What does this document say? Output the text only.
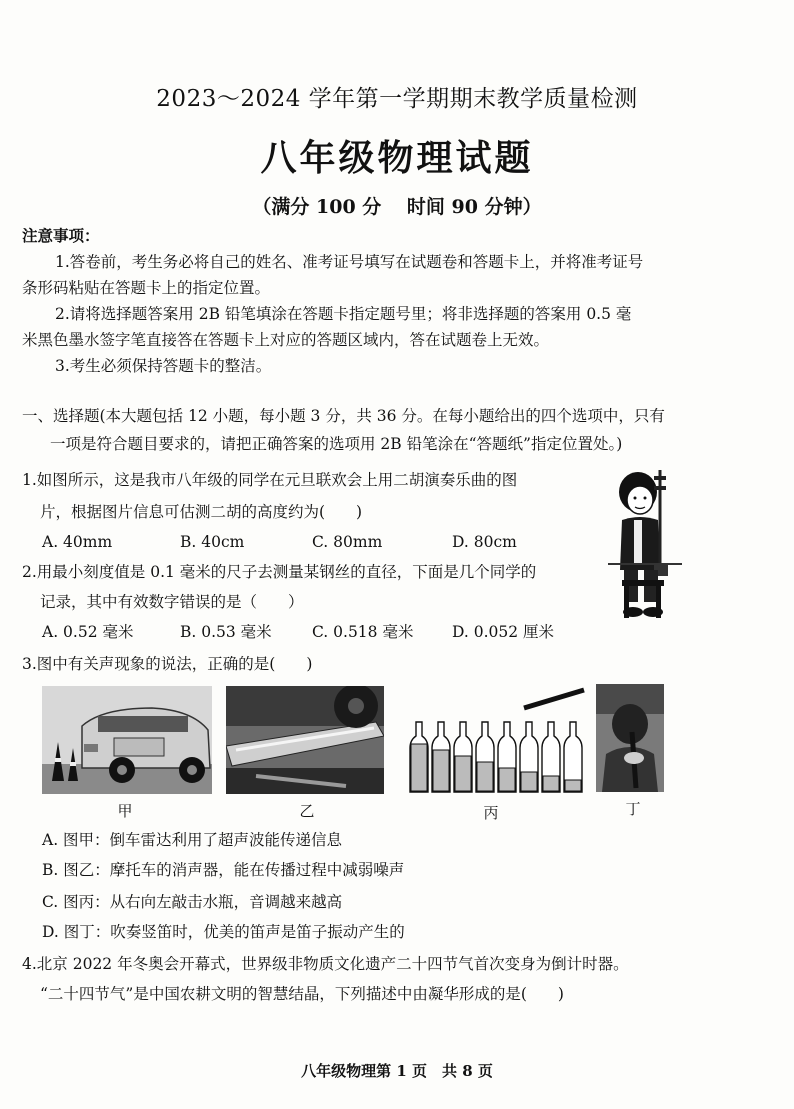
2023～2024 学年第一学期期末教学质量检测
八年级物理试题
（满分 100 分　 时间 90 分钟）
注意事项：
1.答卷前，考生务必将自己的姓名、准考证号填写在试题卷和答题卡上，并将准考证号
条形码粘贴在答题卡上的指定位置。
2.请将选择题答案用 2B 铅笔填涂在答题卡指定题号里；将非选择题的答案用 0.5 毫
米黑色墨水签字笔直接答在答题卡上对应的答题区域内，答在试题卷上无效。
3.考生必须保持答题卡的整洁。
一、选择题(本大题包括 12 小题，每小题 3 分，共 36 分。在每小题给出的四个选项中，只有
一项是符合题目要求的，请把正确答案的选项用 2B 铅笔涂在“答题纸”指定位置处。)
1.如图所示，这是我市八年级的同学在元旦联欢会上用二胡演奏乐曲的图
片，根据图片信息可估测二胡的高度约为(　　)
A. 40mm	B. 40cm	C. 80mm	D. 80cm
2.用最小刻度值是 0.1 毫米的尺子去测量某钢丝的直径，下面是几个同学的
记录，其中有效数字错误的是（　　）
A. 0.52 毫米	B. 0.53 毫米	C. 0.518 毫米 D. 0.052 厘米
3.图中有关声现象的说法，正确的是(　　)
甲	乙	丙	丁
A. 图甲：倒车雷达利用了超声波能传递信息
B. 图乙：摩托车的消声器，能在传播过程中减弱噪声
C. 图丙：从右向左敲击水瓶，音调越来越高
D. 图丁：吹奏竖笛时，优美的笛声是笛子振动产生的
4.北京 2022 年冬奥会开幕式，世界级非物质文化遗产二十四节气首次变身为倒计时器。
“二十四节气”是中国农耕文明的智慧结晶，下列描述中由凝华形成的是(　　)
八年级物理第 1 页　共 8 页
